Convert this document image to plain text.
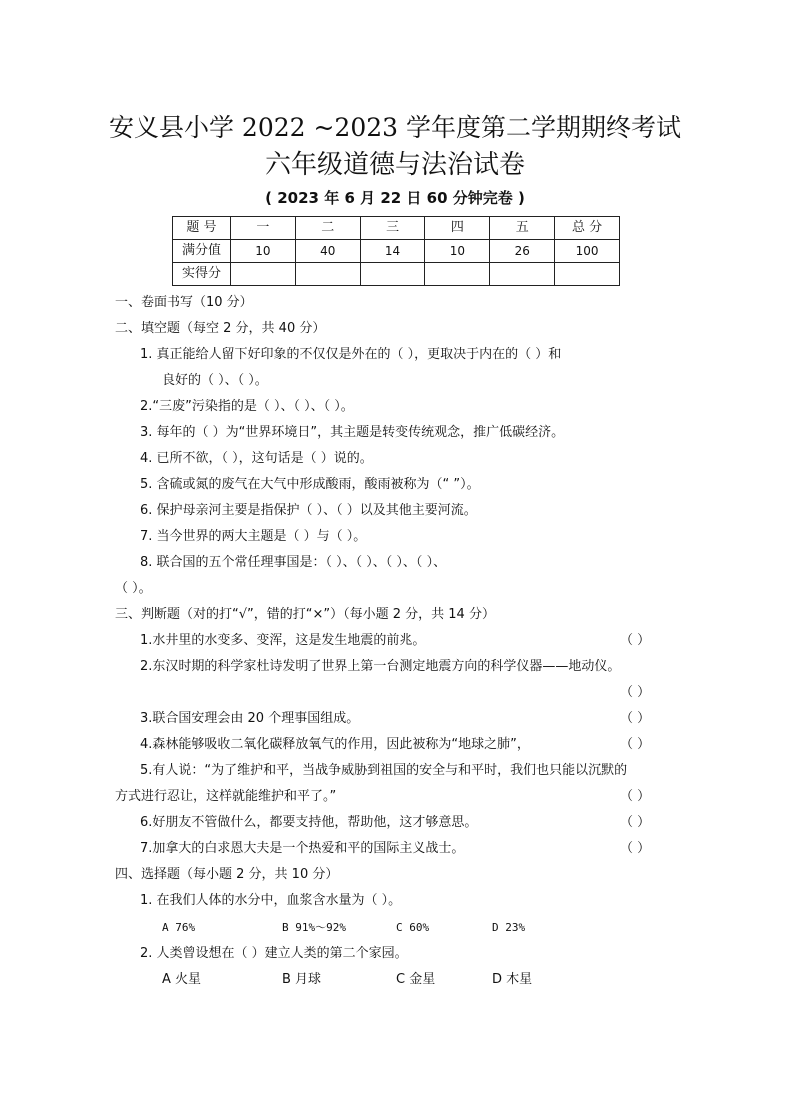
安义县小学 2022 ~2023 学年度第二学期期终考试
六年级道德与法治试卷
( 2023 年 6 月 22 日 60 分钟完卷 )
题 号	一	二	三	四	五	总 分
满分值	10	40	14	10	26	100
实得分						
一、卷面书写（10 分）
二、填空题（每空 2 分，共 40 分）
1. 真正能给人留下好印象的不仅仅是外在的（ ），更取决于内在的（ ）和
良好的（ ）、（ ）。
2.“三废”污染指的是（ ）、（ ）、（ ）。
3. 每年的（ ）为“世界环境日”，其主题是转变传统观念，推广低碳经济。
4. 已所不欲，（ ），这句话是（ ）说的。
5. 含硫或氮的废气在大气中形成酸雨，酸雨被称为（“ ”）。
6. 保护母亲河主要是指保护（ ）、（ ）以及其他主要河流。
7. 当今世界的两大主题是（ ）与（ ）。
8. 联合国的五个常任理事国是：（ ）、（ ）、（ ）、（ ）、
（ ）。
三、判断题（对的打“√”，错的打“×”）（每小题 2 分，共 14 分）
1.水井里的水变多、变浑，这是发生地震的前兆。	（ ）
2.东汉时期的科学家杜诗发明了世界上第一台测定地震方向的科学仪器——地动仪。
（ ）
3.联合国安理会由 20 个理事国组成。	（ ）
4.森林能够吸收二氧化碳释放氧气的作用，因此被称为“地球之肺”，	（ ）
5.有人说：“为了维护和平，当战争威胁到祖国的安全与和平时，我们也只能以沉默的
方式进行忍让，这样就能维护和平了。”	（ ）
6.好朋友不管做什么，都要支持他，帮助他，这才够意思。	（ ）
7.加拿大的白求恩大夫是一个热爱和平的国际主义战士。	（ ）
四、选择题（每小题 2 分，共 10 分）
1. 在我们人体的水分中，血浆含水量为（ ）。
A 76%	B 91%～92%	C 60%	D 23%
2. 人类曾设想在（ ）建立人类的第二个家园。
A 火星	B 月球	C 金星	D 木星
